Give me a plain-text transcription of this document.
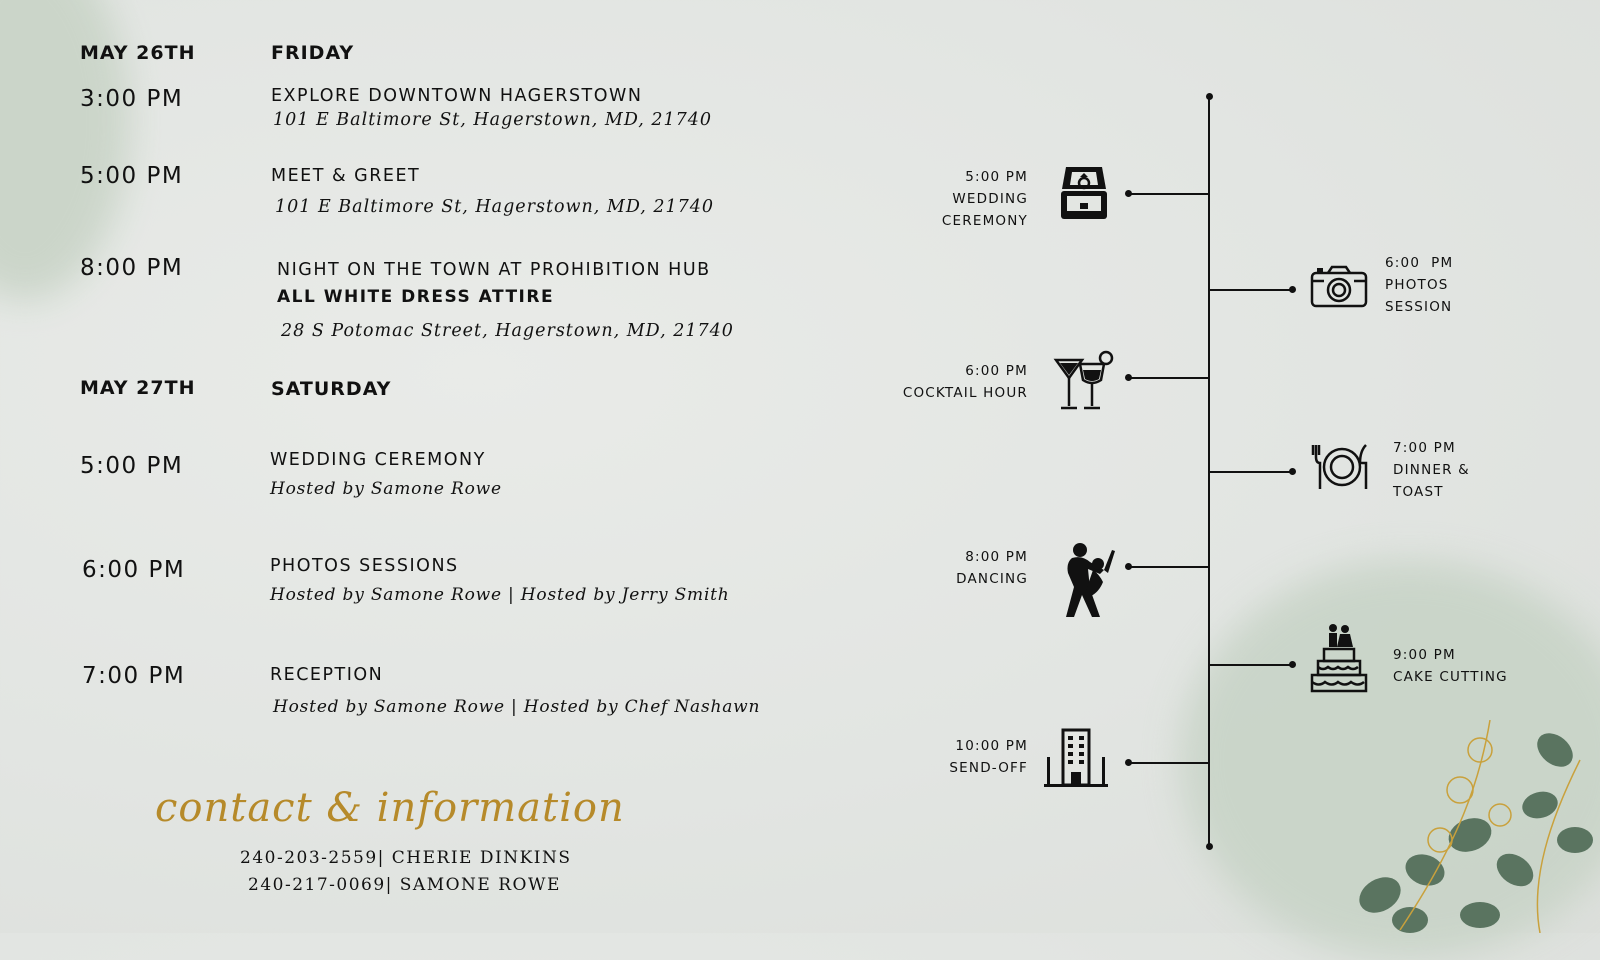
MAY 26TH	FRIDAY
3:00 PM	EXPLORE DOWNTOWN HAGERSTOWN
101 E Baltimore St, Hagerstown, MD, 21740
5:00 PM	MEET & GREET
101 E Baltimore St, Hagerstown, MD, 21740
8:00 PM	NIGHT ON THE TOWN AT PROHIBITION HUB
ALL WHITE DRESS ATTIRE
28 S Potomac Street, Hagerstown, MD, 21740
MAY 27TH	SATURDAY
5:00 PM	WEDDING CEREMONY
Hosted by Samone Rowe
6:00 PM	PHOTOS SESSIONS
Hosted by Samone Rowe | Hosted by Jerry Smith
7:00 PM	RECEPTION
Hosted by Samone Rowe | Hosted by Chef Nashawn
contact & information
240-203-2559| CHERIE DINKINS
240-217-0069| SAMONE ROWE
5:00 PM
WEDDING
CEREMONY
6:00 PM
COCKTAIL HOUR
8:00 PM
DANCING
10:00 PM
SEND-OFF
6:00  PM
PHOTOS
SESSION
7:00 PM
DINNER &
TOAST
9:00 PM
CAKE CUTTING
